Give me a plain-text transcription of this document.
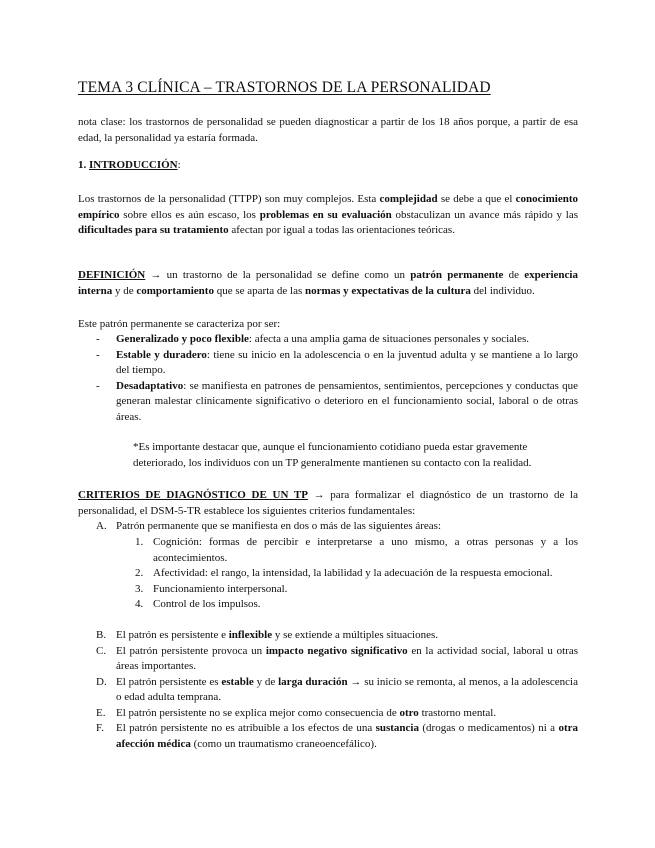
TEMA 3 CLÍNICA – TRASTORNOS DE LA PERSONALIDAD
nota clase: los trastornos de personalidad se pueden diagnosticar a partir de los 18 años porque, a partir de esa edad, la personalidad ya estaría formada.
1. INTRODUCCIÓN:
Los trastornos de la personalidad (TTPP) son muy complejos. Esta complejidad se debe a que el conocimiento empírico sobre ellos es aún escaso, los problemas en su evaluación obstaculizan un avance más rápido y las dificultades para su tratamiento afectan por igual a todas las orientaciones teóricas.
DEFINICIÓN → un trastorno de la personalidad se define como un patrón permanente de experiencia interna y de comportamiento que se aparta de las normas y expectativas de la cultura del individuo.
Este patrón permanente se caracteriza por ser:
- Generalizado y poco flexible: afecta a una amplia gama de situaciones personales y sociales.
- Estable y duradero: tiene su inicio en la adolescencia o en la juventud adulta y se mantiene a lo largo del tiempo.
- Desadaptativo: se manifiesta en patrones de pensamientos, sentimientos, percepciones y conductas que generan malestar clínicamente significativo o deterioro en el funcionamiento social, laboral o de otras áreas.
*Es importante destacar que, aunque el funcionamiento cotidiano pueda estar gravemente deteriorado, los individuos con un TP generalmente mantienen su contacto con la realidad.
CRITERIOS DE DIAGNÓSTICO DE UN TP → para formalizar el diagnóstico de un trastorno de la personalidad, el DSM-5-TR establece los siguientes criterios fundamentales:
A. Patrón permanente que se manifiesta en dos o más de las siguientes áreas:
1. Cognición: formas de percibir e interpretarse a uno mismo, a otras personas y a los acontecimientos.
2. Afectividad: el rango, la intensidad, la labilidad y la adecuación de la respuesta emocional.
3. Funcionamiento interpersonal.
4. Control de los impulsos.
B. El patrón es persistente e inflexible y se extiende a múltiples situaciones.
C. El patrón persistente provoca un impacto negativo significativo en la actividad social, laboral u otras áreas importantes.
D. El patrón persistente es estable y de larga duración → su inicio se remonta, al menos, a la adolescencia o edad adulta temprana.
E. El patrón persistente no se explica mejor como consecuencia de otro trastorno mental.
F. El patrón persistente no es atribuible a los efectos de una sustancia (drogas o medicamentos) ni a otra afección médica (como un traumatismo craneoencefálico).
